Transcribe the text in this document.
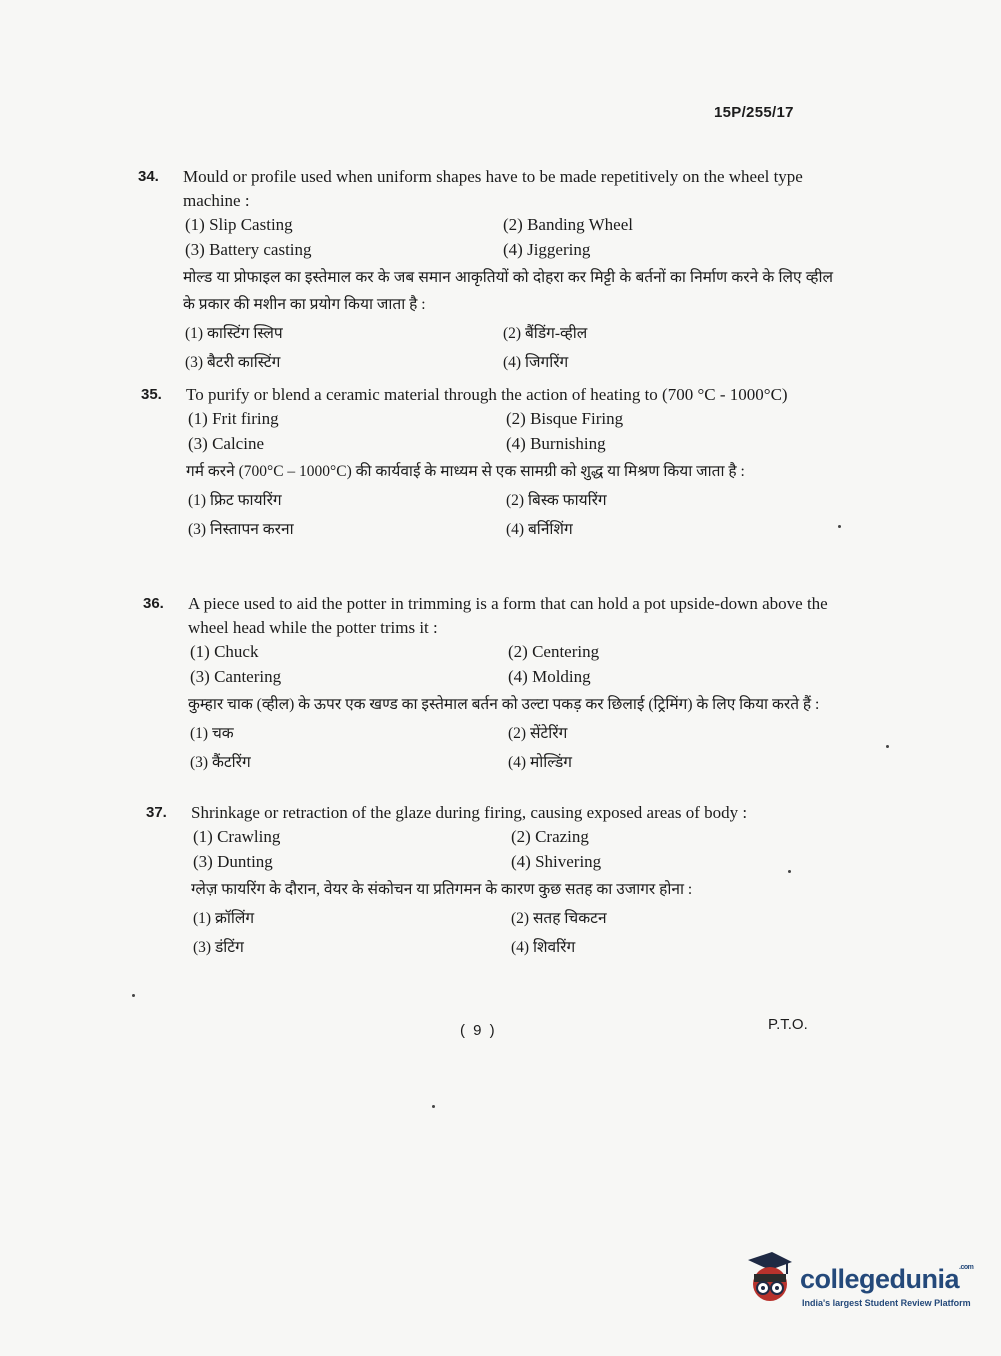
15P/255/17
34. Mould or profile used when uniform shapes have to be made repetitively on the wheel type machine :

(1) Slip Casting	(2) Banding Wheel
(3) Battery casting	(4) Jiggering

मोल्ड या प्रोफाइल का इस्तेमाल कर के जब समान आकृतियों को दोहरा कर मिट्टी के बर्तनों का निर्माण करने के लिए व्हील के प्रकार की मशीन का प्रयोग किया जाता है :

(1) कास्टिंग स्लिप	(2) बैंडिंग-व्हील
(3) बैटरी कास्टिंग	(4) जिगरिंग
35. To purify or blend a ceramic material through the action of heating to (700 °C - 1000°C)

(1) Frit firing	(2) Bisque Firing
(3) Calcine	(4) Burnishing

गर्म करने (700°C – 1000°C) की कार्यवाई के माध्यम से एक सामग्री को शुद्ध या मिश्रण किया जाता है :

(1) फ्रिट फायरिंग	(2) बिस्क फायरिंग
(3) निस्तापन करना	(4) बर्निशिंग
36. A piece used to aid the potter in trimming is a form that can hold a pot upside-down above the wheel head while the potter trims it :

(1) Chuck	(2) Centering
(3) Cantering	(4) Molding

कुम्हार चाक (व्हील) के ऊपर एक खण्ड का इस्तेमाल बर्तन को उल्टा पकड़ कर छिलाई (ट्रिमिंग) के लिए किया करते हैं :

(1) चक	(2) सेंटेरिंग
(3) कैंटरिंग	(4) मोल्डिंग
37. Shrinkage or retraction of the glaze during firing, causing exposed areas of body :

(1) Crawling	(2) Crazing
(3) Dunting	(4) Shivering

ग्लेज़ फायरिंग के दौरान, वेयर के संकोचन या प्रतिगमन के कारण कुछ सतह का उजागर होना :

(1) क्रॉलिंग	(2) सतह चिकटन
(3) डंटिंग	(4) शिवरिंग
( 9 )	P.T.O.
collegedunia$^{.com}$
India's largest Student Review Platform
